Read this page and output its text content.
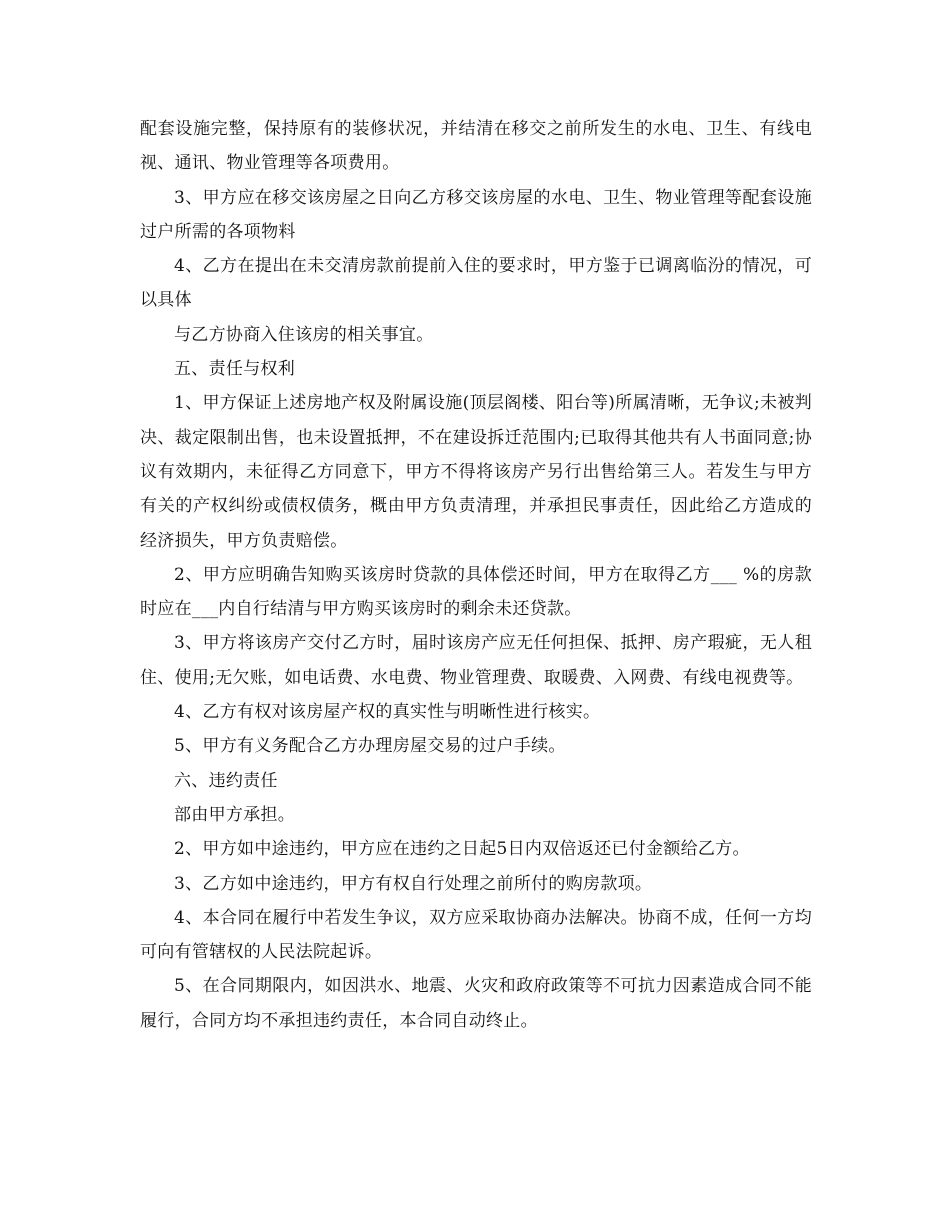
配套设施完整，保持原有的装修状况，并结清在移交之前所发生的水电、卫生、有线电视、通讯、物业管理等各项费用。

3、甲方应在移交该房屋之日向乙方移交该房屋的水电、卫生、物业管理等配套设施过户所需的各项物料

4、乙方在提出在未交清房款前提前入住的要求时，甲方鉴于已调离临汾的情况，可以具体

与乙方协商入住该房的相关事宜。

五、责任与权利

1、甲方保证上述房地产权及附属设施(顶层阁楼、阳台等)所属清晰，无争议;未被判决、裁定限制出售，也未设置抵押，不在建设拆迁范围内;已取得其他共有人书面同意;协议有效期内，未征得乙方同意下，甲方不得将该房产另行出售给第三人。若发生与甲方有关的产权纠纷或债权债务，概由甲方负责清理，并承担民事责任，因此给乙方造成的经济损失，甲方负责赔偿。

2、甲方应明确告知购买该房时贷款的具体偿还时间，甲方在取得乙方___ %的房款时应在___内自行结清与甲方购买该房时的剩余未还贷款。

3、甲方将该房产交付乙方时，届时该房产应无任何担保、抵押、房产瑕疵，无人租住、使用;无欠账，如电话费、水电费、物业管理费、取暖费、入网费、有线电视费等。

4、乙方有权对该房屋产权的真实性与明晰性进行核实。

5、甲方有义务配合乙方办理房屋交易的过户手续。

六、违约责任

部由甲方承担。

2、甲方如中途违约，甲方应在违约之日起5日内双倍返还已付金额给乙方。

3、乙方如中途违约，甲方有权自行处理之前所付的购房款项。

4、本合同在履行中若发生争议，双方应采取协商办法解决。协商不成，任何一方均可向有管辖权的人民法院起诉。

5、在合同期限内，如因洪水、地震、火灾和政府政策等不可抗力因素造成合同不能履行，合同方均不承担违约责任，本合同自动终止。
